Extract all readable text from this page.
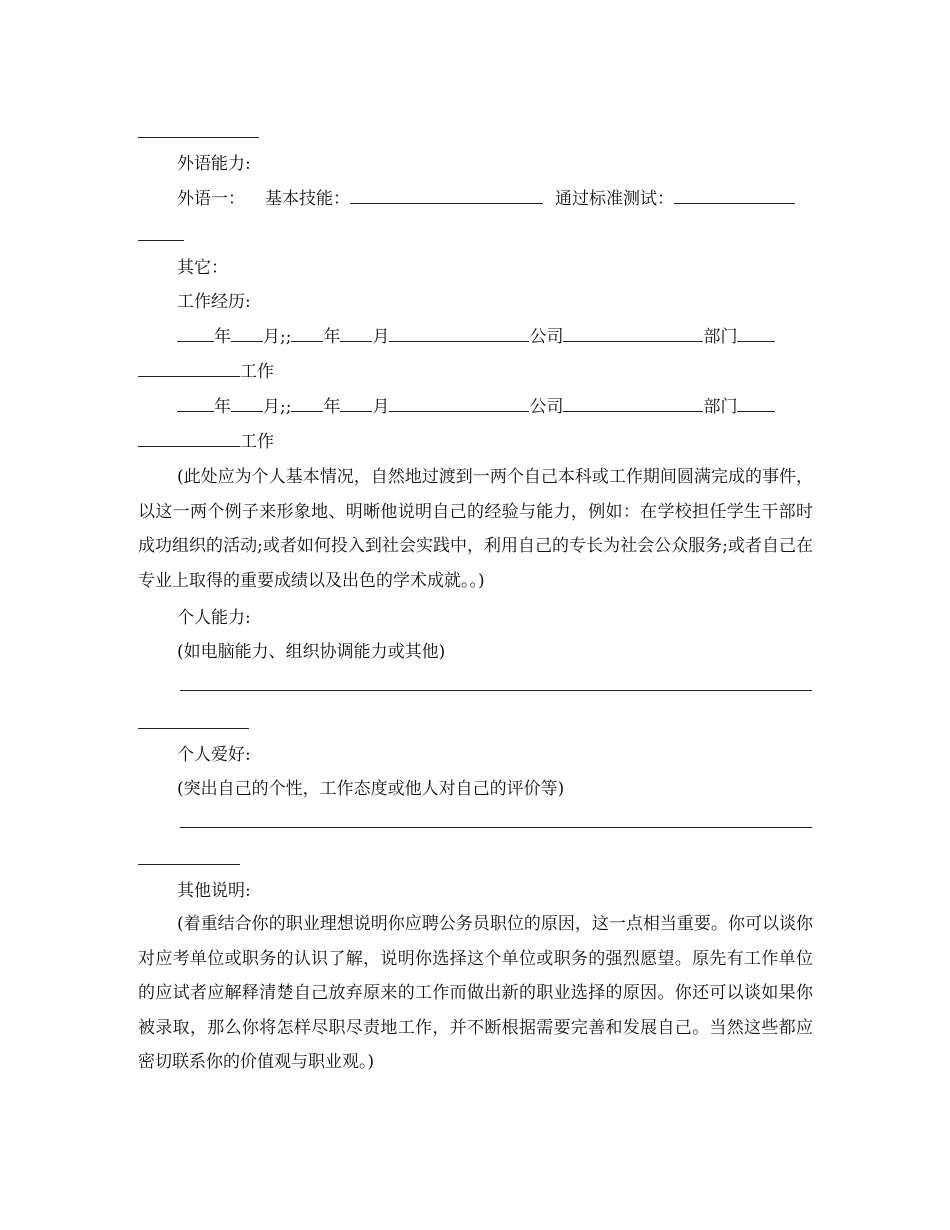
外语能力:
外语一： 基本技能：	通过标准测试：
其它：
工作经历:
年 月;; 年 月	公司	部门
工作
年 月;; 年 月	公司	部门
工作
(此处应为个人基本情况，自然地过渡到一两个自己本科或工作期间圆满完成的事件，以这一两个例子来形象地、明晰他说明自己的经验与能力，例如：在学校担任学生干部时成功组织的活动;或者如何投入到社会实践中，利用自己的专长为社会公众服务;或者自己在专业上取得的重要成绩以及出色的学术成就。。)
个人能力:
(如电脑能力、组织协调能力或其他)
个人爱好:
(突出自己的个性，工作态度或他人对自己的评价等)
其他说明:
(着重结合你的职业理想说明你应聘公务员职位的原因，这一点相当重要。你可以谈你对应考单位或职务的认识了解，说明你选择这个单位或职务的强烈愿望。原先有工作单位的应试者应解释清楚自己放弃原来的工作而做出新的职业选择的原因。你还可以谈如果你被录取，那么你将怎样尽职尽责地工作，并不断根据需要完善和发展自己。当然这些都应密切联系你的价值观与职业观。)
